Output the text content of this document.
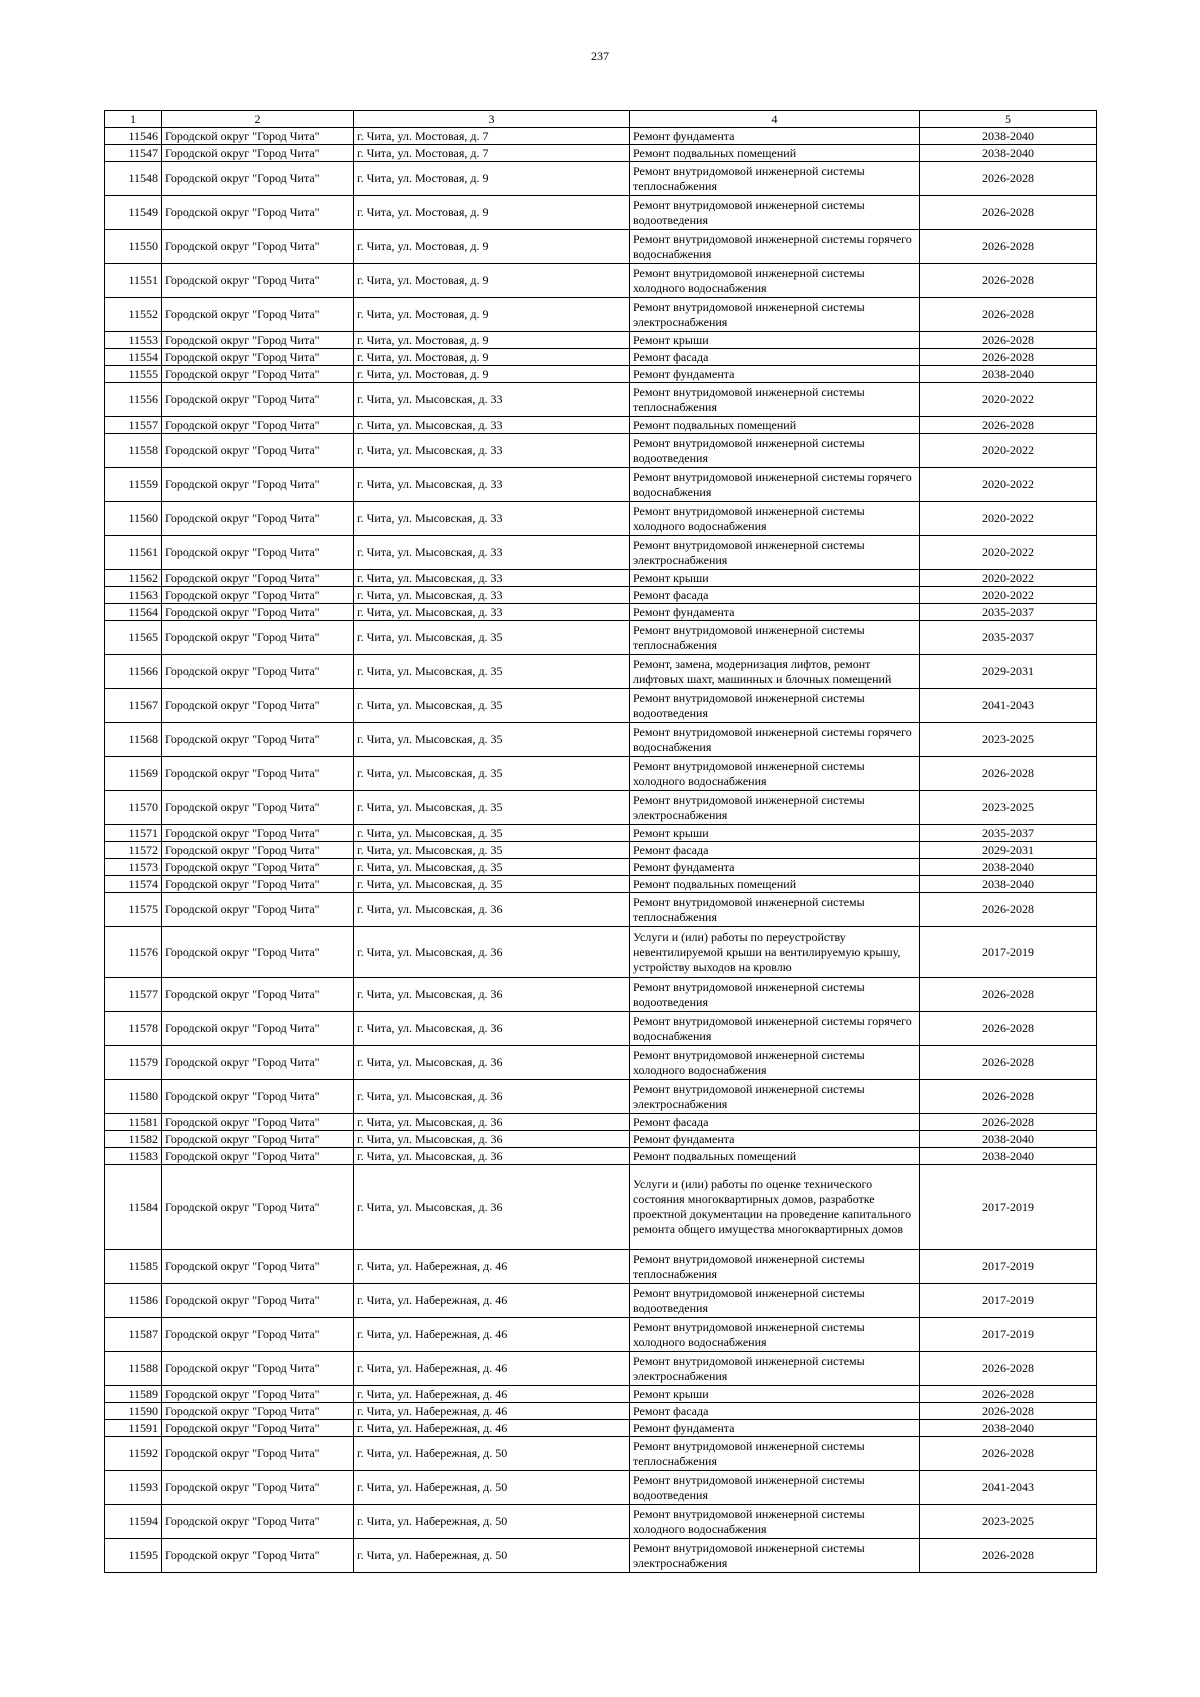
237
1	2	3	4	5
11546	Городской округ "Город Чита"	г. Чита, ул. Мостовая, д. 7	Ремонт фундамента	2038-2040
11547	Городской округ "Город Чита"	г. Чита, ул. Мостовая, д. 7	Ремонт подвальных помещений	2038-2040
11548	Городской округ "Город Чита"	г. Чита, ул. Мостовая, д. 9	Ремонт внутридомовой инженерной системы теплоснабжения	2026-2028
11549	Городской округ "Город Чита"	г. Чита, ул. Мостовая, д. 9	Ремонт внутридомовой инженерной системы водоотведения	2026-2028
11550	Городской округ "Город Чита"	г. Чита, ул. Мостовая, д. 9	Ремонт внутридомовой инженерной системы горячего водоснабжения	2026-2028
11551	Городской округ "Город Чита"	г. Чита, ул. Мостовая, д. 9	Ремонт внутридомовой инженерной системы холодного водоснабжения	2026-2028
11552	Городской округ "Город Чита"	г. Чита, ул. Мостовая, д. 9	Ремонт внутридомовой инженерной системы электроснабжения	2026-2028
11553	Городской округ "Город Чита"	г. Чита, ул. Мостовая, д. 9	Ремонт крыши	2026-2028
11554	Городской округ "Город Чита"	г. Чита, ул. Мостовая, д. 9	Ремонт фасада	2026-2028
11555	Городской округ "Город Чита"	г. Чита, ул. Мостовая, д. 9	Ремонт фундамента	2038-2040
11556	Городской округ "Город Чита"	г. Чита, ул. Мысовская, д. 33	Ремонт внутридомовой инженерной системы теплоснабжения	2020-2022
11557	Городской округ "Город Чита"	г. Чита, ул. Мысовская, д. 33	Ремонт подвальных помещений	2026-2028
11558	Городской округ "Город Чита"	г. Чита, ул. Мысовская, д. 33	Ремонт внутридомовой инженерной системы водоотведения	2020-2022
11559	Городской округ "Город Чита"	г. Чита, ул. Мысовская, д. 33	Ремонт внутридомовой инженерной системы горячего водоснабжения	2020-2022
11560	Городской округ "Город Чита"	г. Чита, ул. Мысовская, д. 33	Ремонт внутридомовой инженерной системы холодного водоснабжения	2020-2022
11561	Городской округ "Город Чита"	г. Чита, ул. Мысовская, д. 33	Ремонт внутридомовой инженерной системы электроснабжения	2020-2022
11562	Городской округ "Город Чита"	г. Чита, ул. Мысовская, д. 33	Ремонт крыши	2020-2022
11563	Городской округ "Город Чита"	г. Чита, ул. Мысовская, д. 33	Ремонт фасада	2020-2022
11564	Городской округ "Город Чита"	г. Чита, ул. Мысовская, д. 33	Ремонт фундамента	2035-2037
11565	Городской округ "Город Чита"	г. Чита, ул. Мысовская, д. 35	Ремонт внутридомовой инженерной системы теплоснабжения	2035-2037
11566	Городской округ "Город Чита"	г. Чита, ул. Мысовская, д. 35	Ремонт, замена, модернизация лифтов, ремонт лифтовых шахт, машинных и блочных помещений	2029-2031
11567	Городской округ "Город Чита"	г. Чита, ул. Мысовская, д. 35	Ремонт внутридомовой инженерной системы водоотведения	2041-2043
11568	Городской округ "Город Чита"	г. Чита, ул. Мысовская, д. 35	Ремонт внутридомовой инженерной системы горячего водоснабжения	2023-2025
11569	Городской округ "Город Чита"	г. Чита, ул. Мысовская, д. 35	Ремонт внутридомовой инженерной системы холодного водоснабжения	2026-2028
11570	Городской округ "Город Чита"	г. Чита, ул. Мысовская, д. 35	Ремонт внутридомовой инженерной системы электроснабжения	2023-2025
11571	Городской округ "Город Чита"	г. Чита, ул. Мысовская, д. 35	Ремонт крыши	2035-2037
11572	Городской округ "Город Чита"	г. Чита, ул. Мысовская, д. 35	Ремонт фасада	2029-2031
11573	Городской округ "Город Чита"	г. Чита, ул. Мысовская, д. 35	Ремонт фундамента	2038-2040
11574	Городской округ "Город Чита"	г. Чита, ул. Мысовская, д. 35	Ремонт подвальных помещений	2038-2040
11575	Городской округ "Город Чита"	г. Чита, ул. Мысовская, д. 36	Ремонт внутридомовой инженерной системы теплоснабжения	2026-2028
11576	Городской округ "Город Чита"	г. Чита, ул. Мысовская, д. 36	Услуги и (или) работы по переустройству невентилируемой крыши на вентилируемую крышу, устройству выходов на кровлю	2017-2019
11577	Городской округ "Город Чита"	г. Чита, ул. Мысовская, д. 36	Ремонт внутридомовой инженерной системы водоотведения	2026-2028
11578	Городской округ "Город Чита"	г. Чита, ул. Мысовская, д. 36	Ремонт внутридомовой инженерной системы горячего водоснабжения	2026-2028
11579	Городской округ "Город Чита"	г. Чита, ул. Мысовская, д. 36	Ремонт внутридомовой инженерной системы холодного водоснабжения	2026-2028
11580	Городской округ "Город Чита"	г. Чита, ул. Мысовская, д. 36	Ремонт внутридомовой инженерной системы электроснабжения	2026-2028
11581	Городской округ "Город Чита"	г. Чита, ул. Мысовская, д. 36	Ремонт фасада	2026-2028
11582	Городской округ "Город Чита"	г. Чита, ул. Мысовская, д. 36	Ремонт фундамента	2038-2040
11583	Городской округ "Город Чита"	г. Чита, ул. Мысовская, д. 36	Ремонт подвальных помещений	2038-2040
11584	Городской округ "Город Чита"	г. Чита, ул. Мысовская, д. 36	Услуги и (или) работы по оценке технического состояния многоквартирных домов, разработке проектной документации на проведение капитального ремонта общего имущества многоквартирных домов	2017-2019
11585	Городской округ "Город Чита"	г. Чита, ул. Набережная, д. 46	Ремонт внутридомовой инженерной системы теплоснабжения	2017-2019
11586	Городской округ "Город Чита"	г. Чита, ул. Набережная, д. 46	Ремонт внутридомовой инженерной системы водоотведения	2017-2019
11587	Городской округ "Город Чита"	г. Чита, ул. Набережная, д. 46	Ремонт внутридомовой инженерной системы холодного водоснабжения	2017-2019
11588	Городской округ "Город Чита"	г. Чита, ул. Набережная, д. 46	Ремонт внутридомовой инженерной системы электроснабжения	2026-2028
11589	Городской округ "Город Чита"	г. Чита, ул. Набережная, д. 46	Ремонт крыши	2026-2028
11590	Городской округ "Город Чита"	г. Чита, ул. Набережная, д. 46	Ремонт фасада	2026-2028
11591	Городской округ "Город Чита"	г. Чита, ул. Набережная, д. 46	Ремонт фундамента	2038-2040
11592	Городской округ "Город Чита"	г. Чита, ул. Набережная, д. 50	Ремонт внутридомовой инженерной системы теплоснабжения	2026-2028
11593	Городской округ "Город Чита"	г. Чита, ул. Набережная, д. 50	Ремонт внутридомовой инженерной системы водоотведения	2041-2043
11594	Городской округ "Город Чита"	г. Чита, ул. Набережная, д. 50	Ремонт внутридомовой инженерной системы холодного водоснабжения	2023-2025
11595	Городской округ "Город Чита"	г. Чита, ул. Набережная, д. 50	Ремонт внутридомовой инженерной системы электроснабжения	2026-2028
